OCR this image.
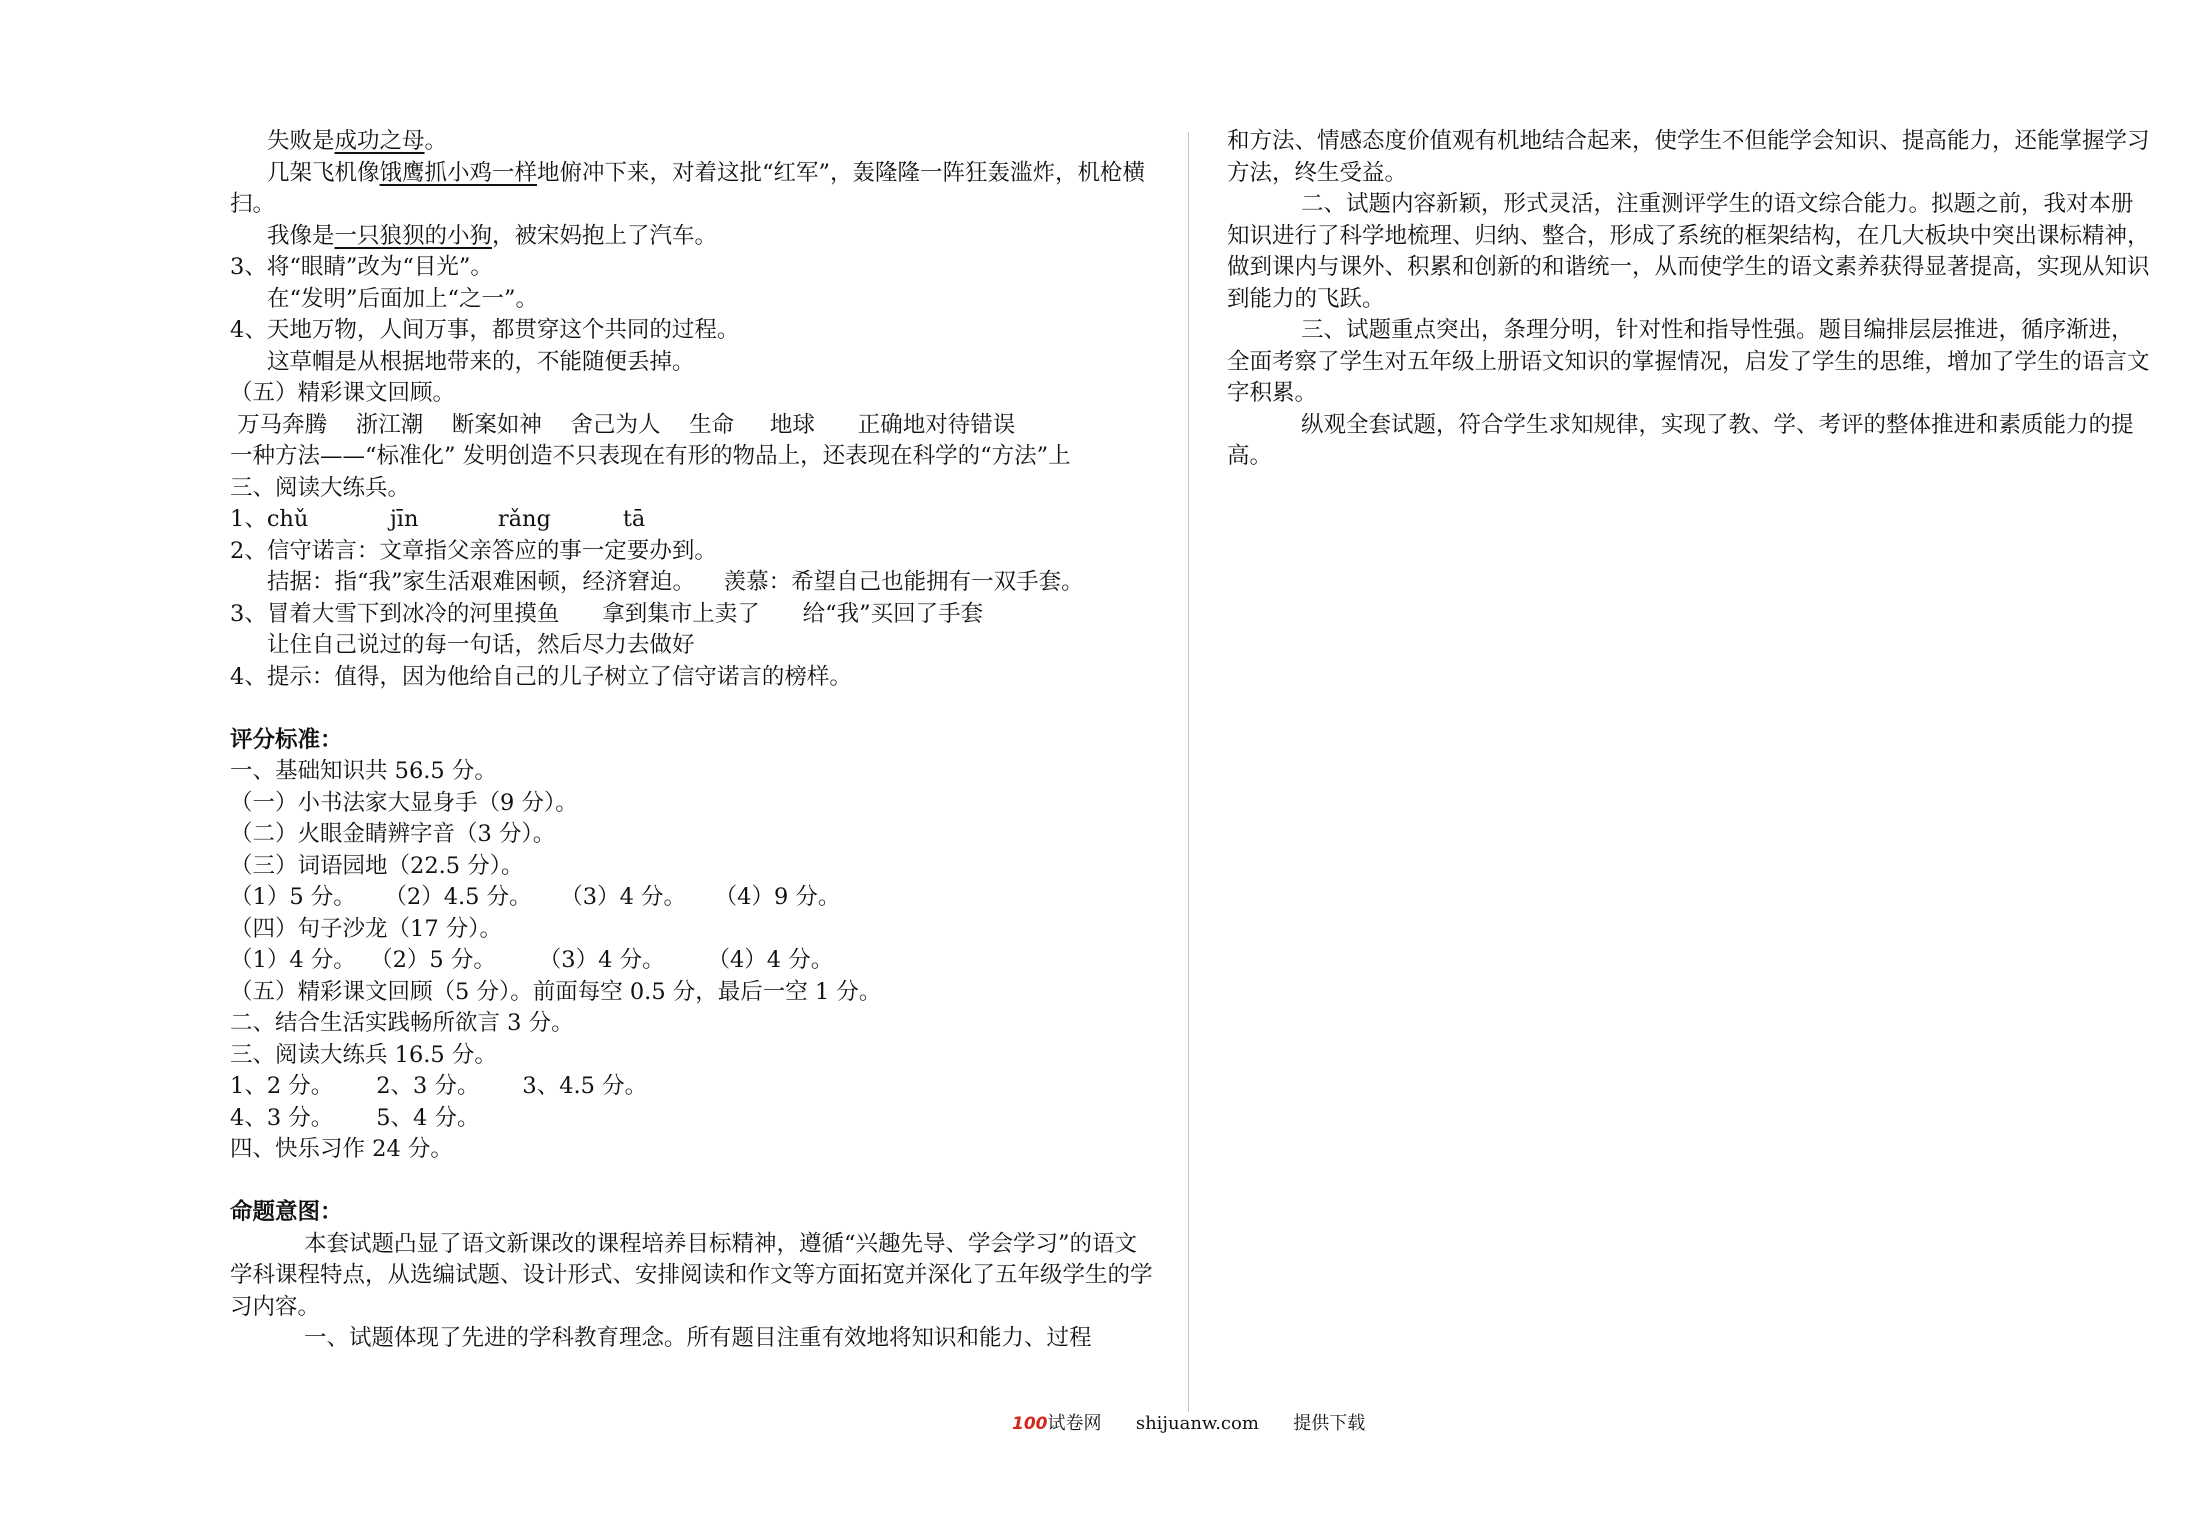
失败是成功之母。
几架飞机像饿鹰抓小鸡一样地俯冲下来，对着这批“红军”，轰隆隆一阵狂轰滥炸，机枪横扫。
我像是一只狼狈的小狗，被宋妈抱上了汽车。
3、将“眼睛”改为“目光”。
在“发明”后面加上“之一”。
4、天地万物，人间万事，都贯穿这个共同的过程。
这草帽是从根据地带来的，不能随便丢掉。
（五）精彩课文回顾。
万马奔腾    浙江潮    断案如神    舍己为人    生命     地球      正确地对待错误
一种方法——“标准化” 发明创造不只表现在有形的物品上，还表现在科学的“方法”上
三、阅读大练兵。
1、chǔ	jīn	rǎng	tā
2、信守诺言：文章指父亲答应的事一定要办到。
拮据：指“我”家生活艰难困顿，经济窘迫。    羡慕：希望自己也能拥有一双手套。
3、冒着大雪下到冰冷的河里摸鱼      拿到集市上卖了      给“我”买回了手套
让住自己说过的每一句话，然后尽力去做好
4、提示：值得，因为他给自己的儿子树立了信守诺言的榜样。
评分标准：
一、基础知识共 56.5 分。
（一）小书法家大显身手（9 分）。
（二）火眼金睛辨字音（3 分）。
（三）词语园地（22.5 分）。
（1）5 分。    （2）4.5 分。    （3）4 分。    （4）9 分。
（四）句子沙龙（17 分）。
（1）4 分。  （2）5 分。      （3）4 分。      （4）4 分。
（五）精彩课文回顾（5 分）。前面每空 0.5 分，最后一空 1 分。
二、结合生活实践畅所欲言 3 分。
三、阅读大练兵 16.5 分。
1、2 分。      2、3 分。      3、4.5 分。
4、3 分。      5、4 分。
四、快乐习作 24 分。
命题意图：

本套试题凸显了语文新课改的课程培养目标精神，遵循“兴趣先导、学会学习”的语文学科课程特点，从选编试题、设计形式、安排阅读和作文等方面拓宽并深化了五年级学生的学习内容。

一、试题体现了先进的学科教育理念。所有题目注重有效地将知识和能力、过程

和方法、情感态度价值观有机地结合起来，使学生不但能学会知识、提高能力，还能掌握学习方法，终生受益。

二、试题内容新颖，形式灵活，注重测评学生的语文综合能力。拟题之前，我对本册知识进行了科学地梳理、归纳、整合，形成了系统的框架结构，在几大板块中突出课标精神，做到课内与课外、积累和创新的和谐统一，从而使学生的语文素养获得显著提高，实现从知识到能力的飞跃。

三、试题重点突出，条理分明，针对性和指导性强。题目编排层层推进，循序渐进，全面考察了学生对五年级上册语文知识的掌握情况，启发了学生的思维，增加了学生的语言文字积累。

纵观全套试题，符合学生求知规律，实现了教、学、考评的整体推进和素质能力的提高。

100试卷网 shijuanw.com 提供下载
